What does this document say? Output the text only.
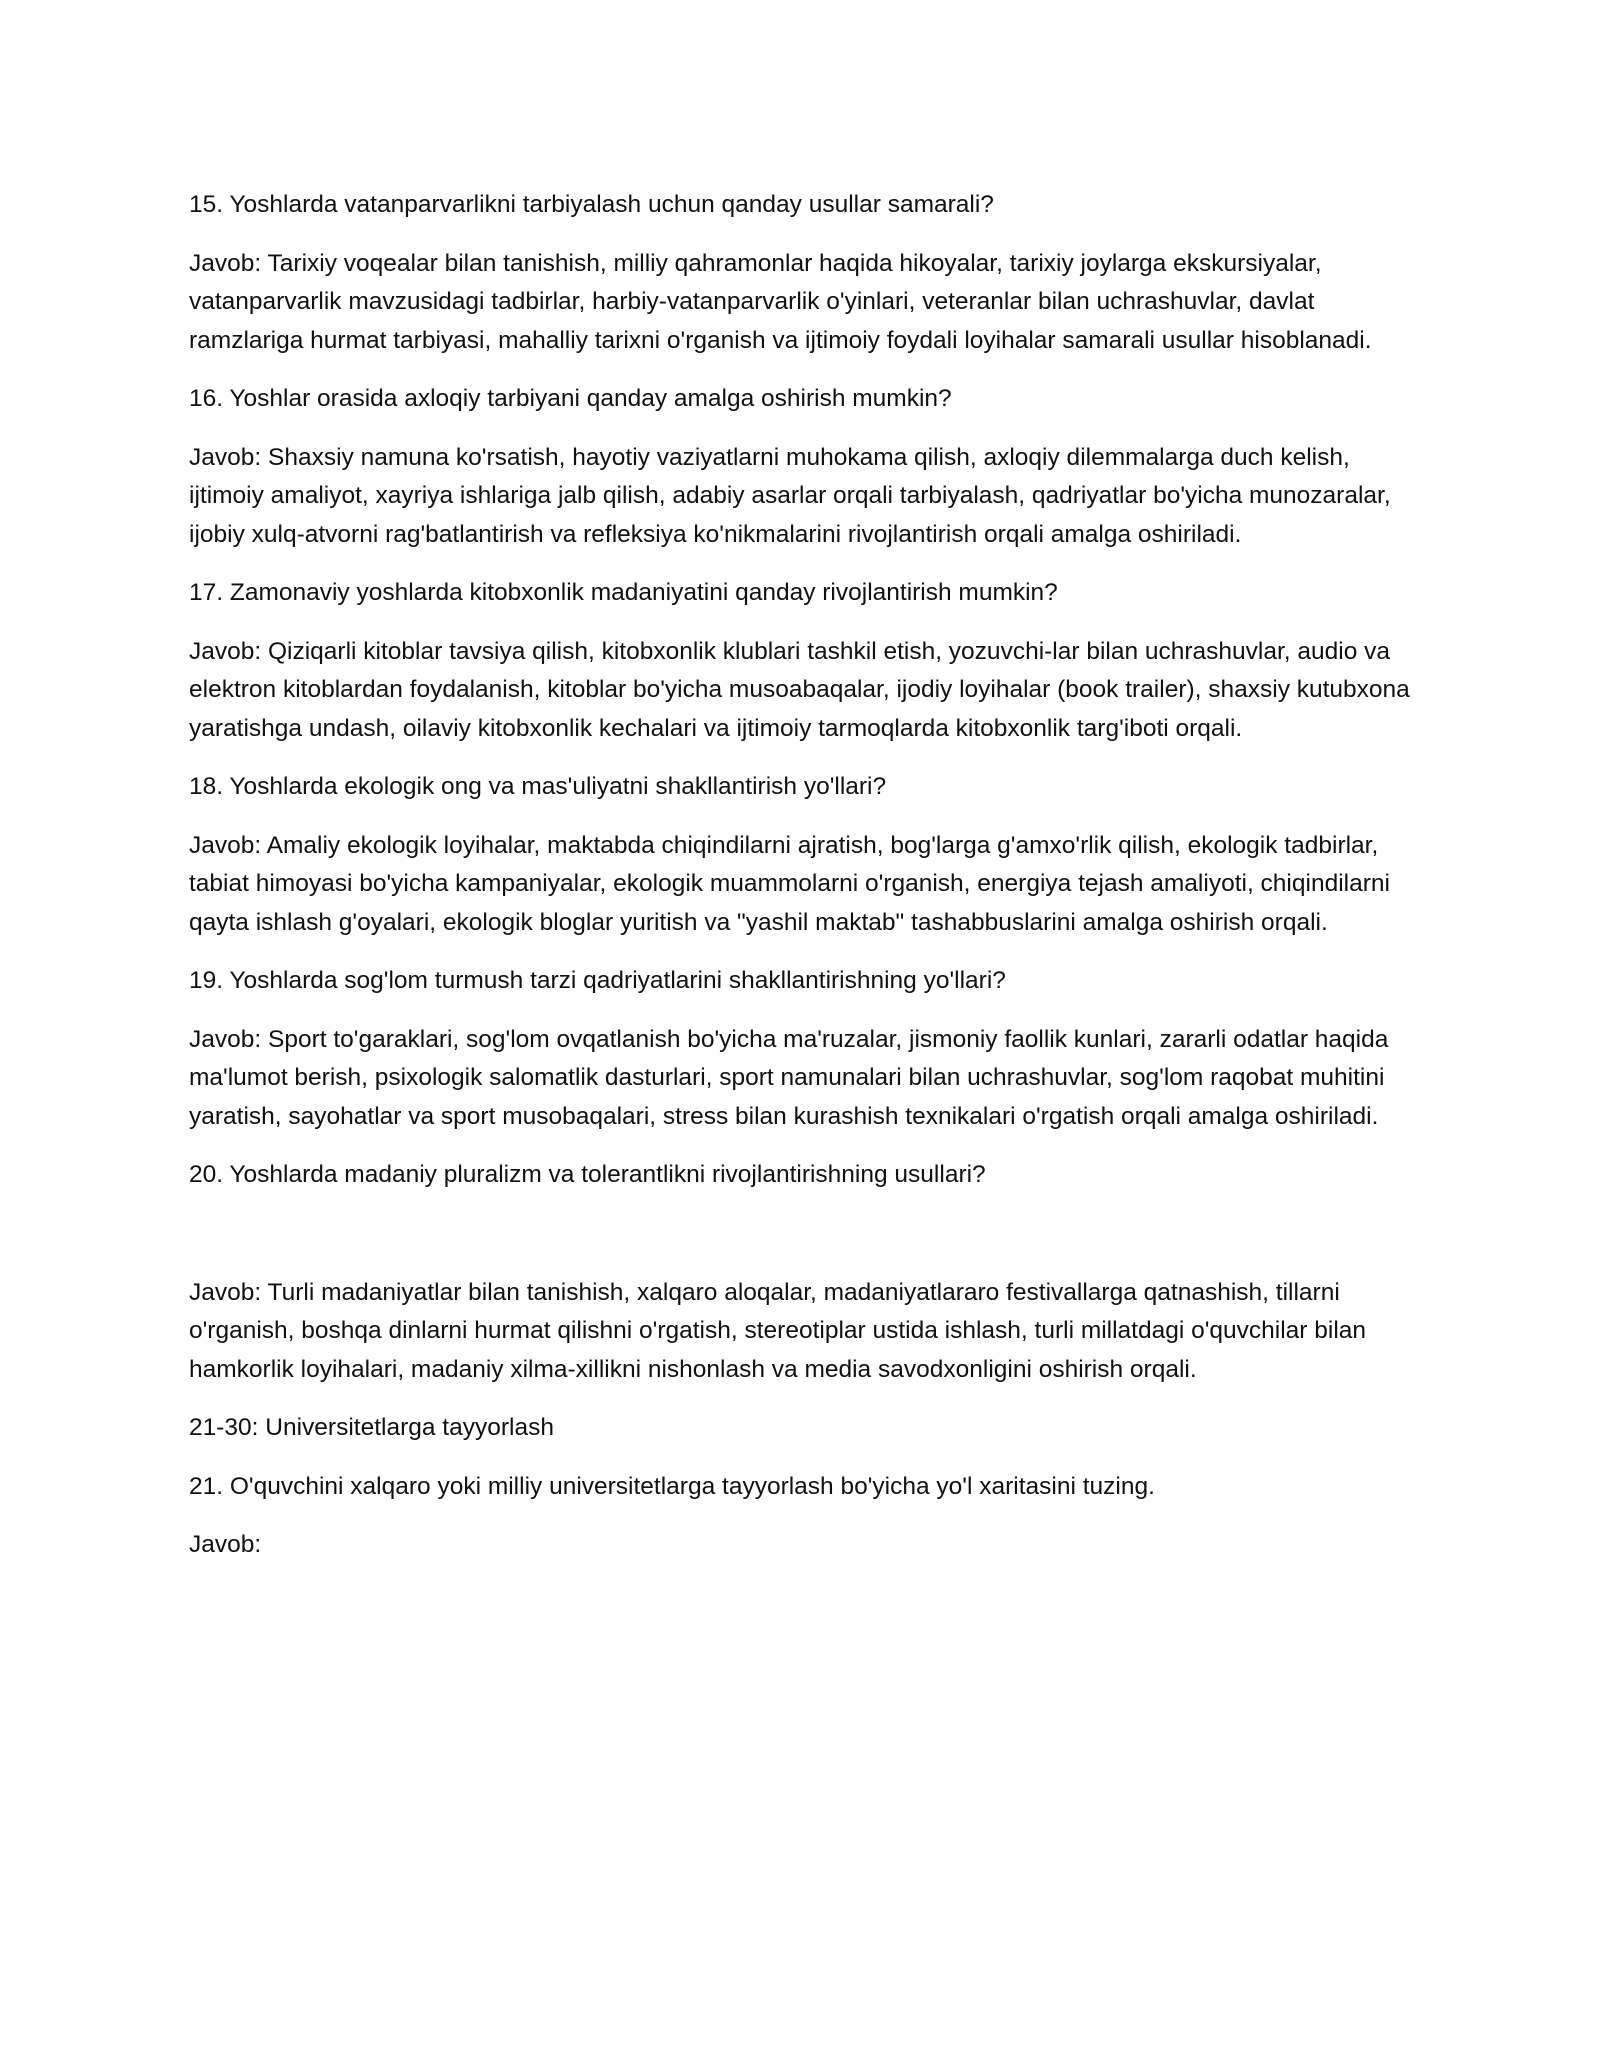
15. Yoshlarda vatanparvarlikni tarbiyalash uchun qanday usullar samarali?

Javob: Tarixiy voqealar bilan tanishish, milliy qahramonlar haqida hikoyalar, tarixiy joylarga ekskursiyalar, vatanparvarlik mavzusidagi tadbirlar, harbiy-vatanparvarlik o'yinlari, veteranlar bilan uchrashuvlar, davlat ramzlariga hurmat tarbiyasi, mahalliy tarixni o'rganish va ijtimoiy foydali loyihalar samarali usullar hisoblanadi.

16. Yoshlar orasida axloqiy tarbiyani qanday amalga oshirish mumkin?

Javob: Shaxsiy namuna ko'rsatish, hayotiy vaziyatlarni muhokama qilish, axloqiy dilemmalarga duch kelish, ijtimoiy amaliyot, xayriya ishlariga jalb qilish, adabiy asarlar orqali tarbiyalash, qadriyatlar bo'yicha munozaralar, ijobiy xulq-atvorni rag'batlantirish va refleksiya ko'nikmalarini rivojlantirish orqali amalga oshiriladi.

17. Zamonaviy yoshlarda kitobxonlik madaniyatini qanday rivojlantirish mumkin?

Javob: Qiziqarli kitoblar tavsiya qilish, kitobxonlik klublari tashkil etish, yozuvchi-lar bilan uchrashuvlar, audio va elektron kitoblardan foydalanish, kitoblar bo'yicha musoabaqalar, ijodiy loyihalar (book trailer), shaxsiy kutubxona yaratishga undash, oilaviy kitobxonlik kechalari va ijtimoiy tarmoqlarda kitobxonlik targ'iboti orqali.

18. Yoshlarda ekologik ong va mas'uliyatni shakllantirish yo'llari?

Javob: Amaliy ekologik loyihalar, maktabda chiqindilarni ajratish, bog'larga g'amxo'rlik qilish, ekologik tadbirlar, tabiat himoyasi bo'yicha kampaniyalar, ekologik muammolarni o'rganish, energiya tejash amaliyoti, chiqindilarni qayta ishlash g'oyalari, ekologik bloglar yuritish va "yashil maktab" tashabbuslarini amalga oshirish orqali.

19. Yoshlarda sog'lom turmush tarzi qadriyatlarini shakllantirishning yo'llari?

Javob: Sport to'garaklari, sog'lom ovqatlanish bo'yicha ma'ruzalar, jismoniy faollik kunlari, zararli odatlar haqida ma'lumot berish, psixologik salomatlik dasturlari, sport namunalari bilan uchrashuvlar, sog'lom raqobat muhitini yaratish, sayohatlar va sport musobaqalari, stress bilan kurashish texnikalari o'rgatish orqali amalga oshiriladi.

20. Yoshlarda madaniy pluralizm va tolerantlikni rivojlantirishning usullari?

Javob: Turli madaniyatlar bilan tanishish, xalqaro aloqalar, madaniyatlararo festivallarga qatnashish, tillarni o'rganish, boshqa dinlarni hurmat qilishni o'rgatish, stereotiplar ustida ishlash, turli millatdagi o'quvchilar bilan hamkorlik loyihalari, madaniy xilma-xillikni nishonlash va media savodxonligini oshirish orqali.

21-30: Universitetlarga tayyorlash

21. O'quvchini xalqaro yoki milliy universitetlarga tayyorlash bo'yicha yo'l xaritasini tuzing.

Javob:
